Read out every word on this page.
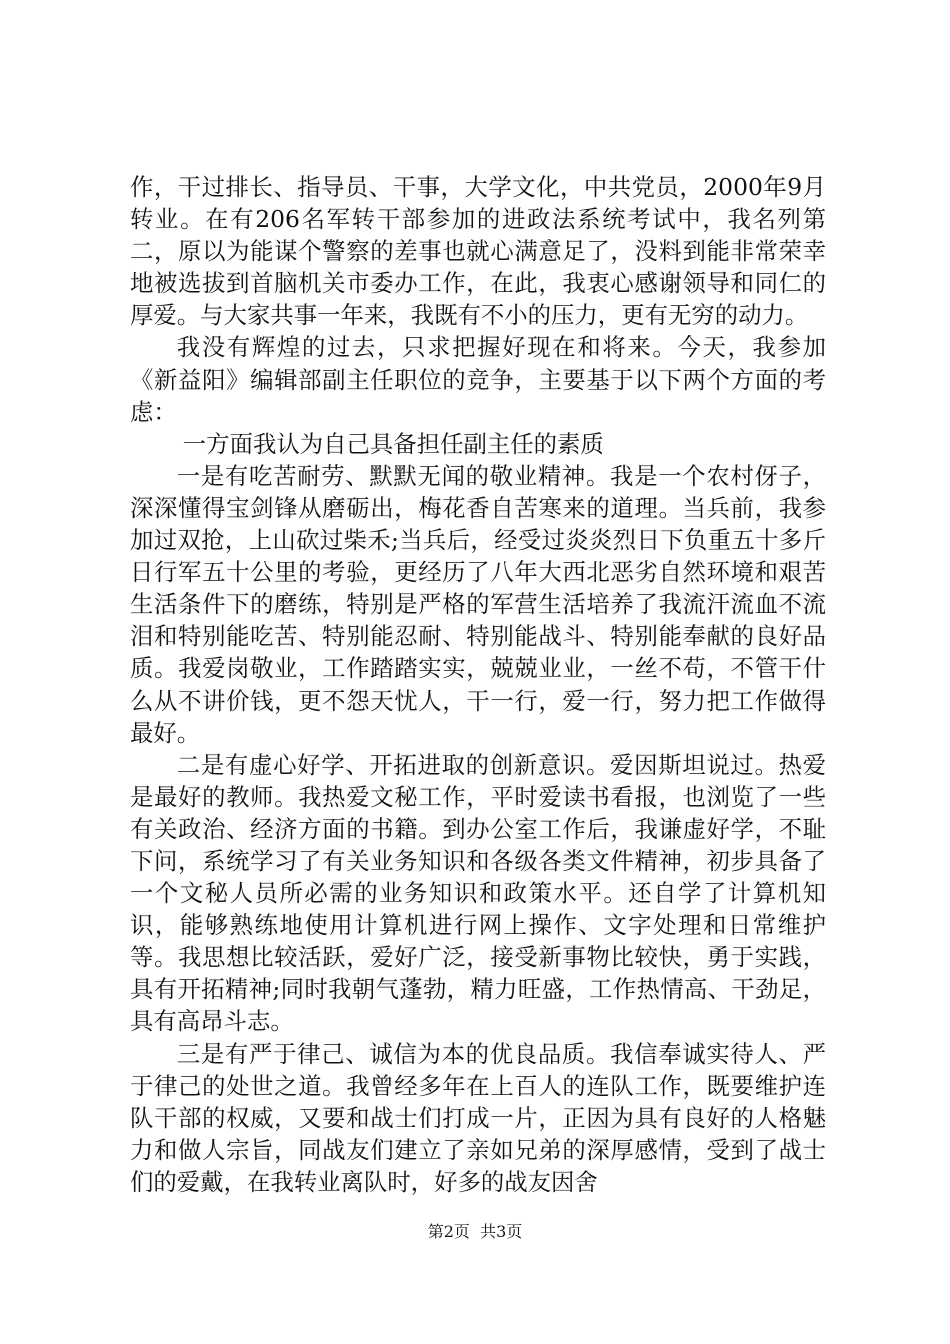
作，干过排长、指导员、干事，大学文化，中共党员，2000年9月转业。在有206名军转干部参加的进政法系统考试中，我名列第二，原以为能谋个警察的差事也就心满意足了，没料到能非常荣幸地被选拔到首脑机关市委办工作，在此，我衷心感谢领导和同仁的厚爱。与大家共事一年来，我既有不小的压力，更有无穷的动力。

我没有辉煌的过去，只求把握好现在和将来。今天，我参加《新益阳》编辑部副主任职位的竞争，主要基于以下两个方面的考虑：

一方面我认为自己具备担任副主任的素质

一是有吃苦耐劳、默默无闻的敬业精神。我是一个农村伢子，深深懂得宝剑锋从磨砺出，梅花香自苦寒来的道理。当兵前，我参加过双抢，上山砍过柴禾;当兵后，经受过炎炎烈日下负重五十多斤日行军五十公里的考验，更经历了八年大西北恶劣自然环境和艰苦生活条件下的磨练，特别是严格的军营生活培养了我流汗流血不流泪和特别能吃苦、特别能忍耐、特别能战斗、特别能奉献的良好品质。我爱岗敬业，工作踏踏实实，兢兢业业，一丝不苟，不管干什么从不讲价钱，更不怨天忧人，干一行，爱一行，努力把工作做得最好。

二是有虚心好学、开拓进取的创新意识。爱因斯坦说过。热爱是最好的教师。我热爱文秘工作，平时爱读书看报，也浏览了一些有关政治、经济方面的书籍。到办公室工作后，我谦虚好学，不耻下问，系统学习了有关业务知识和各级各类文件精神，初步具备了一个文秘人员所必需的业务知识和政策水平。还自学了计算机知识，能够熟练地使用计算机进行网上操作、文字处理和日常维护等。我思想比较活跃，爱好广泛，接受新事物比较快，勇于实践，具有开拓精神;同时我朝气蓬勃，精力旺盛，工作热情高、干劲足，具有高昂斗志。

三是有严于律己、诚信为本的优良品质。我信奉诚实待人、严于律己的处世之道。我曾经多年在上百人的连队工作，既要维护连队干部的权威，又要和战士们打成一片，正因为具有良好的人格魅力和做人宗旨，同战友们建立了亲如兄弟的深厚感情，受到了战士们的爱戴，在我转业离队时，好多的战友因舍

第2页  共3页
